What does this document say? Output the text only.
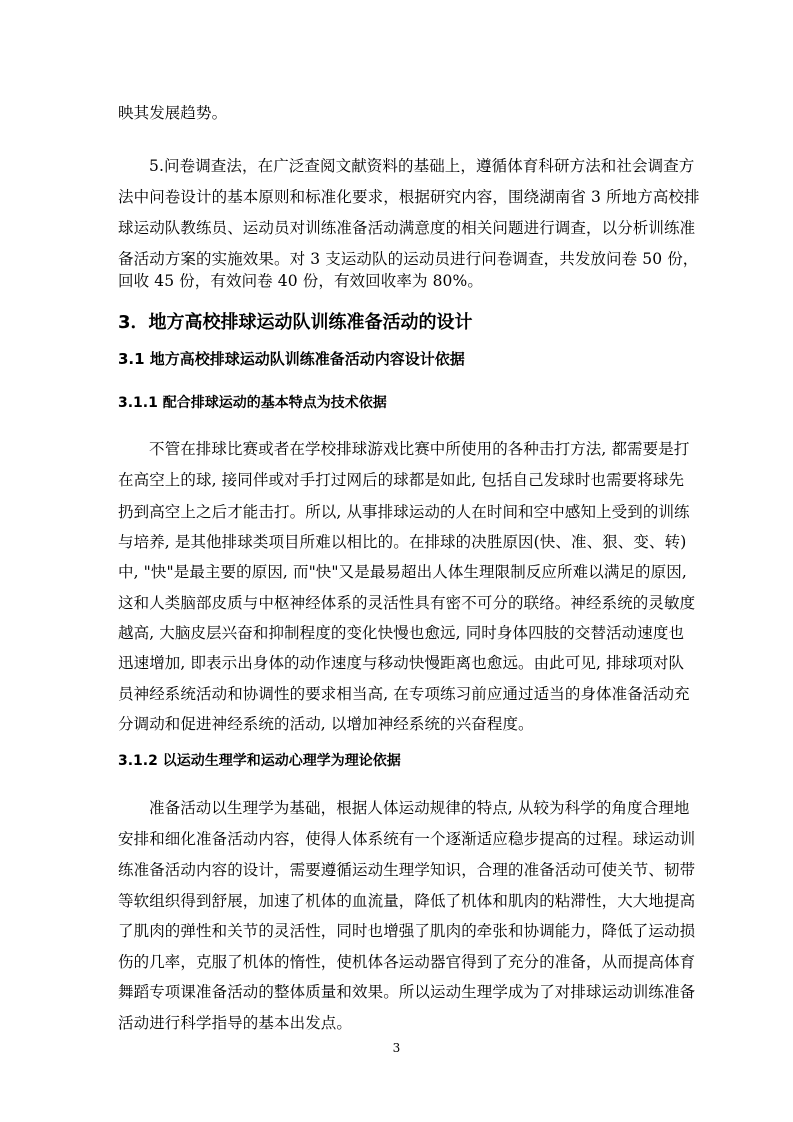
映其发展趋势。
5.问卷调查法，在广泛查阅文献资料的基础上，遵循体育科研方法和社会调查方
法中问卷设计的基本原则和标准化要求，根据研究内容，围绕湖南省 3 所地方高校排
球运动队教练员、运动员对训练准备活动满意度的相关问题进行调查，以分析训练准
备活动方案的实施效果。对 3 支运动队的运动员进行问卷调查，共发放问卷 50 份，
回收 45 份，有效问卷 40 份，有效回收率为 80%。
3．地方高校排球运动队训练准备活动的设计
3.1 地方高校排球运动队训练准备活动内容设计依据
3.1.1 配合排球运动的基本特点为技术依据
不管在排球比赛或者在学校排球游戏比赛中所使用的各种击打方法, 都需要是打
在高空上的球, 接同伴或对手打过网后的球都是如此, 包括自己发球时也需要将球先
扔到高空上之后才能击打。所以, 从事排球运动的人在时间和空中感知上受到的训练
与培养, 是其他排球类项目所难以相比的。在排球的决胜原因(快、准、狠、变、转)
中, "快"是最主要的原因, 而"快"又是最易超出人体生理限制反应所难以满足的原因,
这和人类脑部皮质与中枢神经体系的灵活性具有密不可分的联络。神经系统的灵敏度
越高, 大脑皮层兴奋和抑制程度的变化快慢也愈远, 同时身体四肢的交替活动速度也
迅速增加, 即表示出身体的动作速度与移动快慢距离也愈远。由此可见, 排球项对队
员神经系统活动和协调性的要求相当高, 在专项练习前应通过适当的身体准备活动充
分调动和促进神经系统的活动, 以增加神经系统的兴奋程度。
3.1.2 以运动生理学和运动心理学为理论依据
准备活动以生理学为基础，根据人体运动规律的特点, 从较为科学的角度合理地
安排和细化准备活动内容，使得人体系统有一个逐渐适应稳步提高的过程。球运动训
练准备活动内容的设计，需要遵循运动生理学知识，合理的准备活动可使关节、韧带
等软组织得到舒展，加速了机体的血流量，降低了机体和肌肉的粘滞性，大大地提高
了肌肉的弹性和关节的灵活性，同时也增强了肌肉的牵张和协调能力，降低了运动损
伤的几率，克服了机体的惰性，使机体各运动器官得到了充分的准备，从而提高体育
舞蹈专项课准备活动的整体质量和效果。所以运动生理学成为了对排球运动训练准备
活动进行科学指导的基本出发点。
3
